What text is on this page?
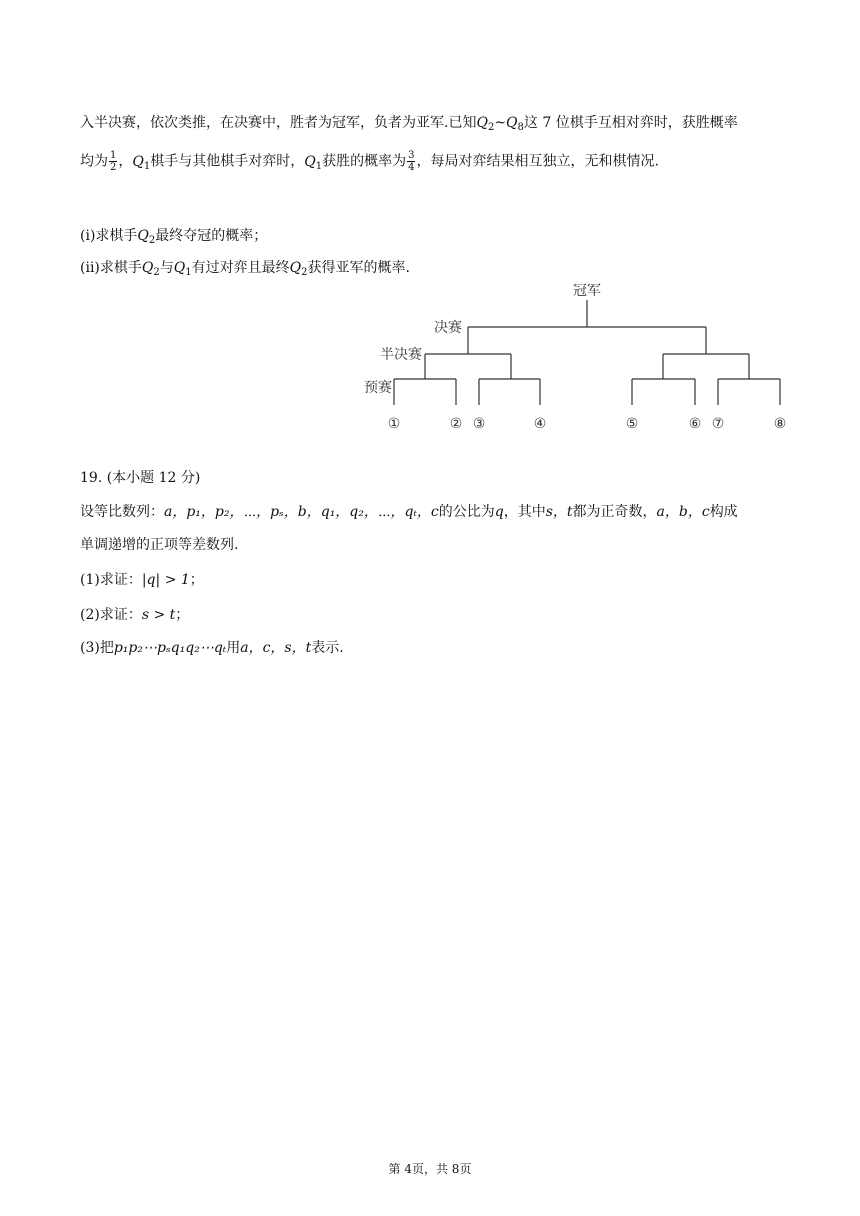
入半决赛，依次类推，在决赛中，胜者为冠军，负者为亚军.已知$Q_2\sim Q_8$这 7 位棋手互相对弈时，获胜概率
均为 $\frac{1}{2}$ ，$Q_1$棋手与其他棋手对弈时，$Q_1$获胜的概率为 $\frac{3}{4}$ ，每局对弈结果相互独立，无和棋情况.
(i)求棋手$Q_2$最终夺冠的概率；
(ii)求棋手$Q_2$与$Q_1$有过对弈且最终$Q_2$获得亚军的概率.
冠军
决赛
半决赛
预赛
①	② ③	④	⑤	⑥ ⑦	⑧
19. (本小题 12 分)
设等比数列：a，p₁，p₂，⋯，pₛ，b，q₁，q₂，⋯，qₜ，c的公比为q，其中s，t都为正奇数，a，b，c构成
单调递增的正项等差数列.
(1)求证：|q| > 1；
(2)求证：s > t；
(3)把p₁p₂⋯pₛq₁q₂⋯qₜ用a，c，s，t表示.
第 4页，共 8页
